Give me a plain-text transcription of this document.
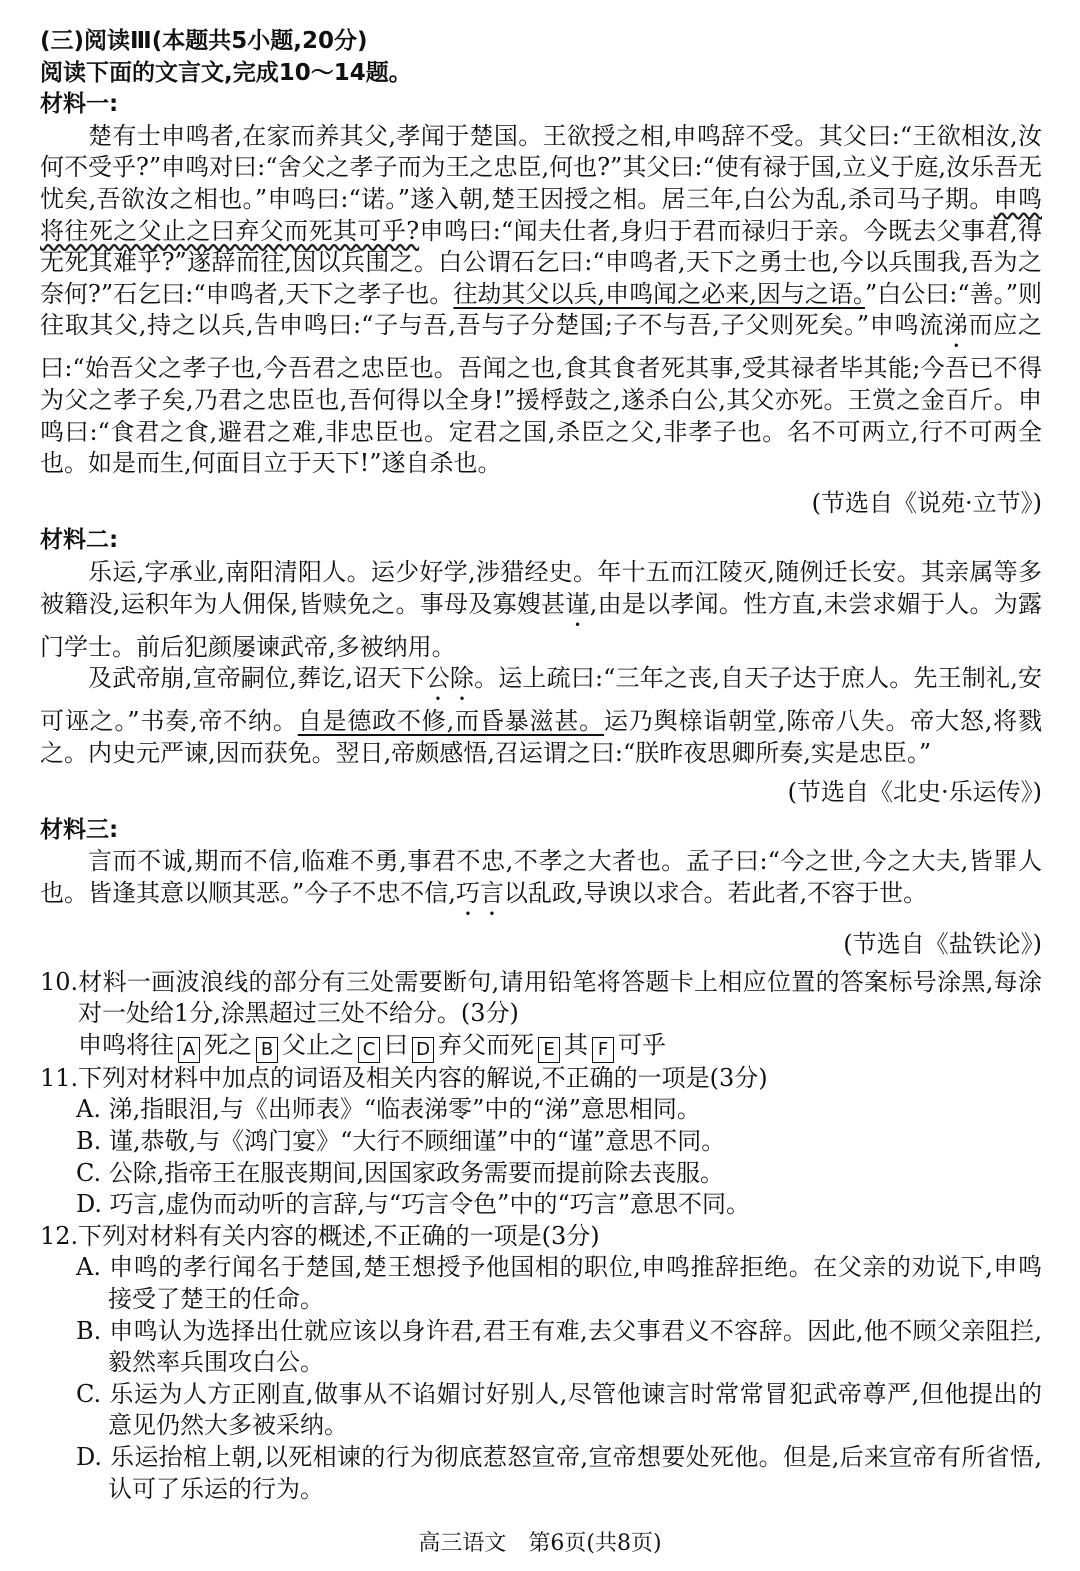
(三)阅读Ⅲ(本题共5小题,20分)

阅读下面的文言文,完成10～14题。

材料一:

楚有士申鸣者,在家而养其父,孝闻于楚国。王欲授之相,申鸣辞不受。其父曰:“王欲相汝,汝何不受乎?”申鸣对曰:“舍父之孝子而为王之忠臣,何也?”其父曰:“使有禄于国,立义于庭,汝乐吾无忧矣,吾欲汝之相也。”申鸣曰:“诺。”遂入朝,楚王因授之相。居三年,白公为乱,杀司马子期。申鸣将往死之父止之曰弃父而死其可乎?申鸣曰:“闻夫仕者,身归于君而禄归于亲。今既去父事君,得无死其难乎?”遂辞而往,因以兵围之。白公谓石乞曰:“申鸣者,天下之勇士也,今以兵围我,吾为之奈何?”石乞曰:“申鸣者,天下之孝子也。往劫其父以兵,申鸣闻之必来,因与之语。”白公曰:“善。”则往取其父,持之以兵,告申鸣曰:“子与吾,吾与子分楚国;子不与吾,子父则死矣。”申鸣流涕而应之曰:“始吾父之孝子也,今吾君之忠臣也。吾闻之也,食其食者死其事,受其禄者毕其能;今吾已不得为父之孝子矣,乃君之忠臣也,吾何得以全身!”援桴鼓之,遂杀白公,其父亦死。王赏之金百斤。申鸣曰:“食君之食,避君之难,非忠臣也。定君之国,杀臣之父,非孝子也。名不可两立,行不可两全也。如是而生,何面目立于天下!”遂自杀也。

(节选自《说苑·立节》)

材料二:

乐运,字承业,南阳清阳人。运少好学,涉猎经史。年十五而江陵灭,随例迁长安。其亲属等多被籍没,运积年为人佣保,皆赎免之。事母及寡嫂甚谨,由是以孝闻。性方直,未尝求媚于人。为露门学士。前后犯颜屡谏武帝,多被纳用。

及武帝崩,宣帝嗣位,葬讫,诏天下公除。运上疏曰:“三年之丧,自天子达于庶人。先王制礼,安可诬之。”书奏,帝不纳。自是德政不修,而昏暴滋甚。运乃舆榇诣朝堂,陈帝八失。帝大怒,将戮之。内史元严谏,因而获免。翌日,帝颇感悟,召运谓之曰:“朕昨夜思卿所奏,实是忠臣。”

(节选自《北史·乐运传》)

材料三:

言而不诚,期而不信,临难不勇,事君不忠,不孝之大者也。孟子曰:“今之世,今之大夫,皆罪人也。皆逢其意以顺其恶。”今子不忠不信,巧言以乱政,导谀以求合。若此者,不容于世。

(节选自《盐铁论》)

10.材料一画波浪线的部分有三处需要断句,请用铅笔将答题卡上相应位置的答案标号涂黑,每涂对一处给1分,涂黑超过三处不给分。(3分)

申鸣将往 A 死之 B 父止之 C 曰 D 弃父而死 E 其 F 可乎

11.下列对材料中加点的词语及相关内容的解说,不正确的一项是(3分)

A. 涕,指眼泪,与《出师表》“临表涕零”中的“涕”意思相同。

B. 谨,恭敬,与《鸿门宴》“大行不顾细谨”中的“谨”意思不同。

C. 公除,指帝王在服丧期间,因国家政务需要而提前除去丧服。

D. 巧言,虚伪而动听的言辞,与“巧言令色”中的“巧言”意思不同。

12.下列对材料有关内容的概述,不正确的一项是(3分)

A. 申鸣的孝行闻名于楚国,楚王想授予他国相的职位,申鸣推辞拒绝。在父亲的劝说下,申鸣接受了楚王的任命。

B. 申鸣认为选择出仕就应该以身许君,君王有难,去父事君义不容辞。因此,他不顾父亲阻拦,毅然率兵围攻白公。

C. 乐运为人方正刚直,做事从不谄媚讨好别人,尽管他谏言时常常冒犯武帝尊严,但他提出的意见仍然大多被采纳。

D. 乐运抬棺上朝,以死相谏的行为彻底惹怒宣帝,宣帝想要处死他。但是,后来宣帝有所省悟,认可了乐运的行为。

高三语文　第6页(共8页)
